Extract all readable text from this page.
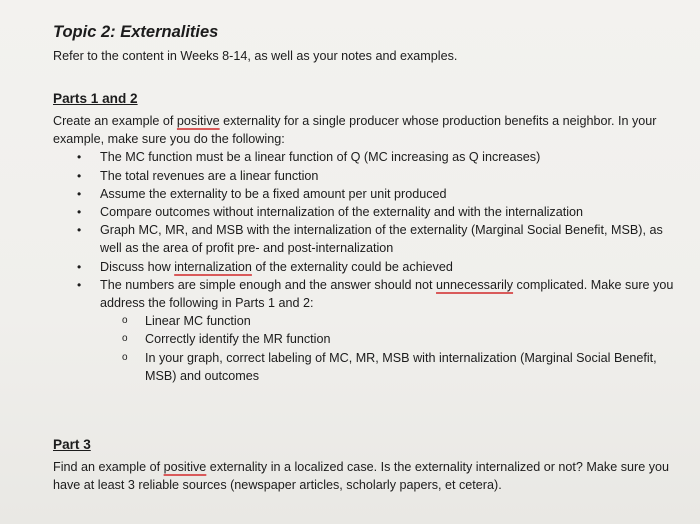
Topic 2: Externalities

Refer to the content in Weeks 8-14, as well as your notes and examples.

Parts 1 and 2

Create an example of positive externality for a single producer whose production benefits a neighbor. In your example, make sure you do the following:

• The MC function must be a linear function of Q (MC increasing as Q increases)
• The total revenues are a linear function
• Assume the externality to be a fixed amount per unit produced
• Compare outcomes without internalization of the externality and with the internalization
• Graph MC, MR, and MSB with the internalization of the externality (Marginal Social Benefit, MSB), as well as the area of profit pre- and post-internalization
• Discuss how internalization of the externality could be achieved
• The numbers are simple enough and the answer should not unnecessarily complicated. Make sure you address the following in Parts 1 and 2:
o Linear MC function
o Correctly identify the MR function
o In your graph, correct labeling of MC, MR, MSB with internalization (Marginal Social Benefit, MSB) and outcomes
Part 3

Find an example of positive externality in a localized case. Is the externality internalized or not? Make sure you have at least 3 reliable sources (newspaper articles, scholarly papers, et cetera).
